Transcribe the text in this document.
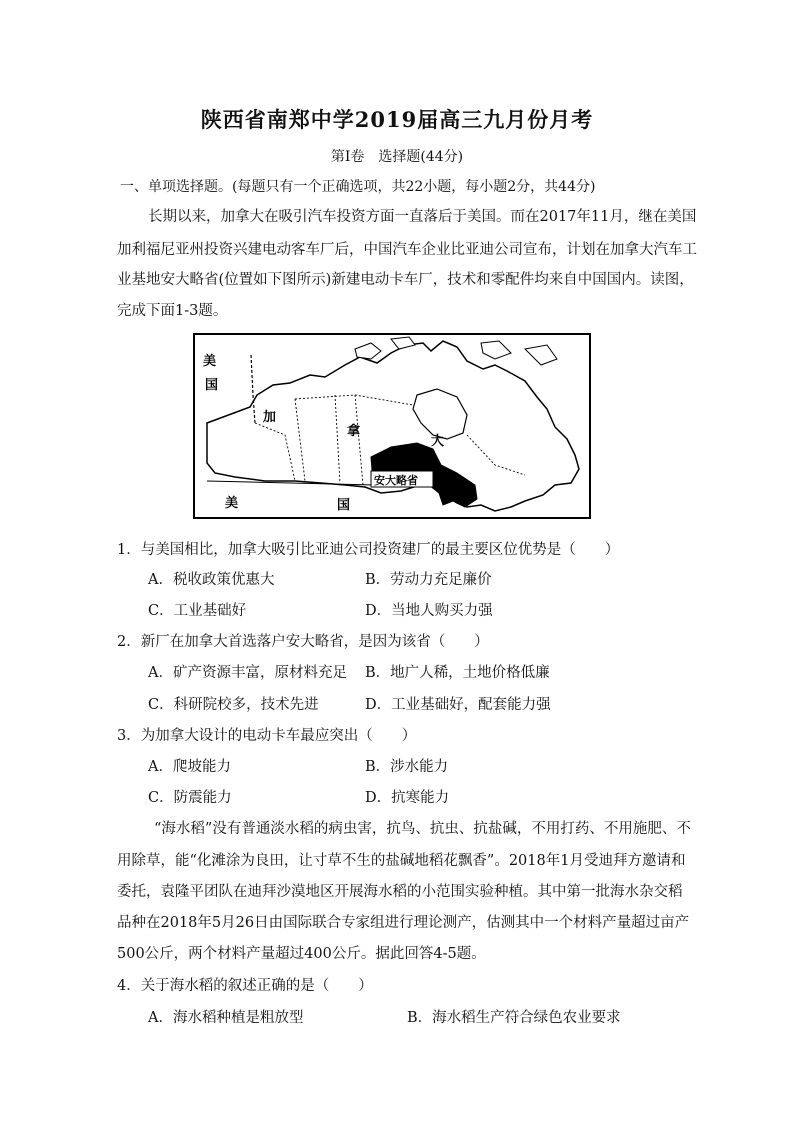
陕西省南郑中学2019届高三九月份月考
第Ⅰ卷　选择题(44分)
一、单项选择题。(每题只有一个正确选项，共22小题，每小题2分，共44分)
长期以来，加拿大在吸引汽车投资方面一直落后于美国。而在2017年11月，继在美国
加利福尼亚州投资兴建电动客车厂后，中国汽车企业比亚迪公司宣布，计划在加拿大汽车工
业基地安大略省(位置如下图所示)新建电动卡车厂，技术和零配件均来自中国国内。读图，
完成下面1-3题。
安大略省
美
国
加
拿
大
美	国
1．与美国相比，加拿大吸引比亚迪公司投资建厂的最主要区位优势是（　　）
A．税收政策优惠大	B．劳动力充足廉价
C．工业基础好	D．当地人购买力强
2．新厂在加拿大首选落户安大略省，是因为该省（　　）
A．矿产资源丰富，原材料充足 B．地广人稀，土地价格低廉
C．科研院校多，技术先进	D．工业基础好，配套能力强
3．为加拿大设计的电动卡车最应突出（　　）
A．爬坡能力	B．涉水能力
C．防震能力	D．抗寒能力
“海水稻”没有普通淡水稻的病虫害，抗鸟、抗虫、抗盐碱，不用打药、不用施肥、不
用除草，能“化滩涂为良田，让寸草不生的盐碱地稻花飘香”。2018年1月受迪拜方邀请和
委托，袁隆平团队在迪拜沙漠地区开展海水稻的小范围实验种植。其中第一批海水杂交稻
品种在2018年5月26日由国际联合专家组进行理论测产，估测其中一个材料产量超过亩产
500公斤，两个材料产量超过400公斤。据此回答4-5题。
4．关于海水稻的叙述正确的是（　　）
A．海水稻种植是粗放型	B．海水稻生产符合绿色农业要求
